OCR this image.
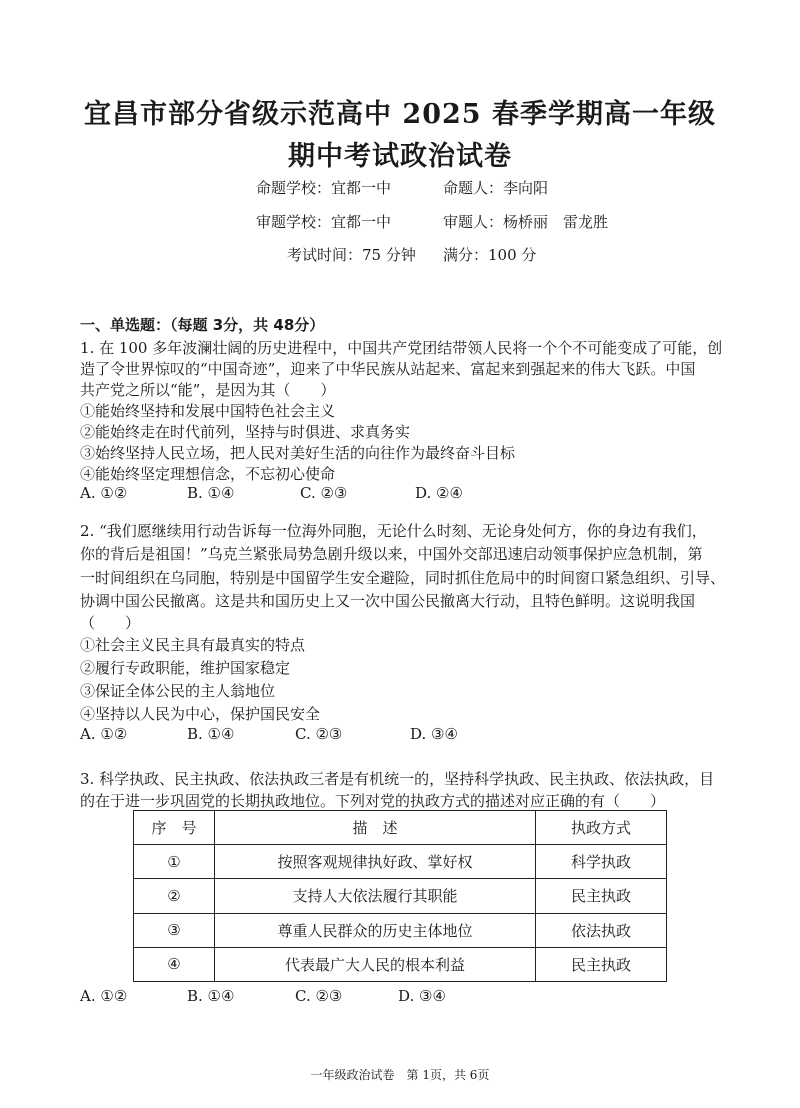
宜昌市部分省级示范高中 2025 春季学期高一年级
期中考试政治试卷
命题学校：宜都一中	命题人：李向阳
审题学校：宜都一中	审题人：杨桥丽　雷龙胜
考试时间：75 分钟 满分：100 分
一、单选题：（每题 3分，共 48分）
1. 在 100 多年波澜壮阔的历史进程中，中国共产党团结带领人民将一个个不可能变成了可能，创
造了令世界惊叹的“中国奇迹”，迎来了中华民族从站起来、富起来到强起来的伟大飞跃。中国
共产党之所以“能”，是因为其（　　）
①能始终坚持和发展中国特色社会主义
②能始终走在时代前列，坚持与时俱进、求真务实
③始终坚持人民立场，把人民对美好生活的向往作为最终奋斗目标
④能始终坚定理想信念，不忘初心使命
A. ①②	B. ①④	C. ②③	D. ②④
2. “我们愿继续用行动告诉每一位海外同胞，无论什么时刻、无论身处何方，你的身边有我们，
你的背后是祖国！”乌克兰紧张局势急剧升级以来，中国外交部迅速启动领事保护应急机制，第
一时间组织在乌同胞，特别是中国留学生安全避险，同时抓住危局中的时间窗口紧急组织、引导、
协调中国公民撤离。这是共和国历史上又一次中国公民撤离大行动，且特色鲜明。这说明我国
（　　）
①社会主义民主具有最真实的特点
②履行专政职能，维护国家稳定
③保证全体公民的主人翁地位
④坚持以人民为中心，保护国民安全
A. ①②	B. ①④	C. ②③	D. ③④
3. 科学执政、民主执政、依法执政三者是有机统一的，坚持科学执政、民主执政、依法执政，目
的在于进一步巩固党的长期执政地位。下列对党的执政方式的描述对应正确的有（　　）
序　号	描　述	执政方式
①	按照客观规律执好政、掌好权	科学执政
②	支持人大依法履行其职能	民主执政
③	尊重人民群众的历史主体地位	依法执政
④	代表最广大人民的根本利益	民主执政
A. ①②	B. ①④	C. ②③	D. ③④
一年级政治试卷　第 1页，共 6页
